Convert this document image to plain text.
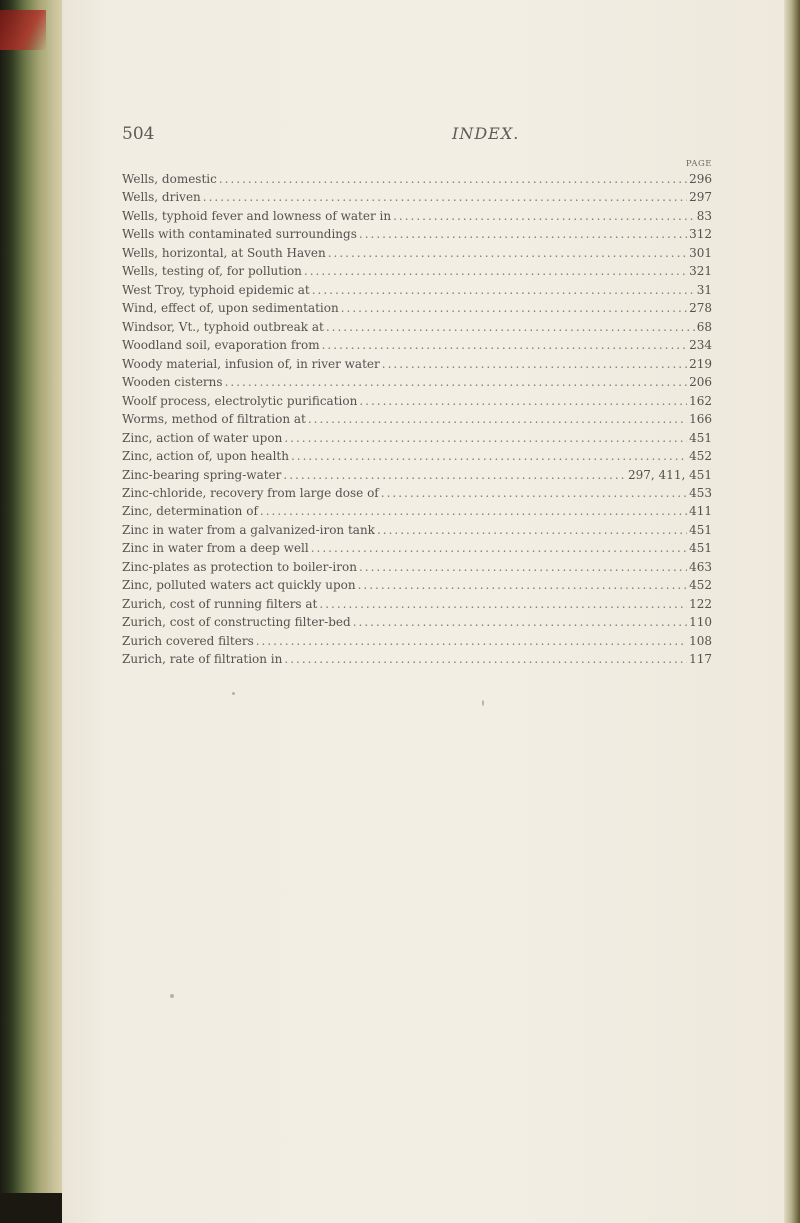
504	INDEX.
PAGE
Wells, domestic .....	296
Wells, driven .....	297
Wells, typhoid fever and lowness of water in .....	83
Wells with contaminated surroundings .....	312
Wells, horizontal, at South Haven .....	301
Wells, testing of, for pollution .....	321
West Troy, typhoid epidemic at .....	31
Wind, effect of, upon sedimentation .....	278
Windsor, Vt., typhoid outbreak at .....	68
Woodland soil, evaporation from .....	234
Woody material, infusion of, in river water .....	219
Wooden cisterns .....	206
Woolf process, electrolytic purification .....	162
Worms, method of filtration at .....	166
Zinc, action of water upon .....	451
Zinc, action of, upon health .....	452
Zinc-bearing spring-water .....	297, 411, 451
Zinc-chloride, recovery from large dose of .....	453
Zinc, determination of .....	411
Zinc in water from a galvanized-iron tank .....	451
Zinc in water from a deep well .....	451
Zinc-plates as protection to boiler-iron .....	463
Zinc, polluted waters act quickly upon .....	452
Zurich, cost of running filters at .....	122
Zurich, cost of constructing filter-bed .....	110
Zurich covered filters .....	108
Zurich, rate of filtration in .....	117
